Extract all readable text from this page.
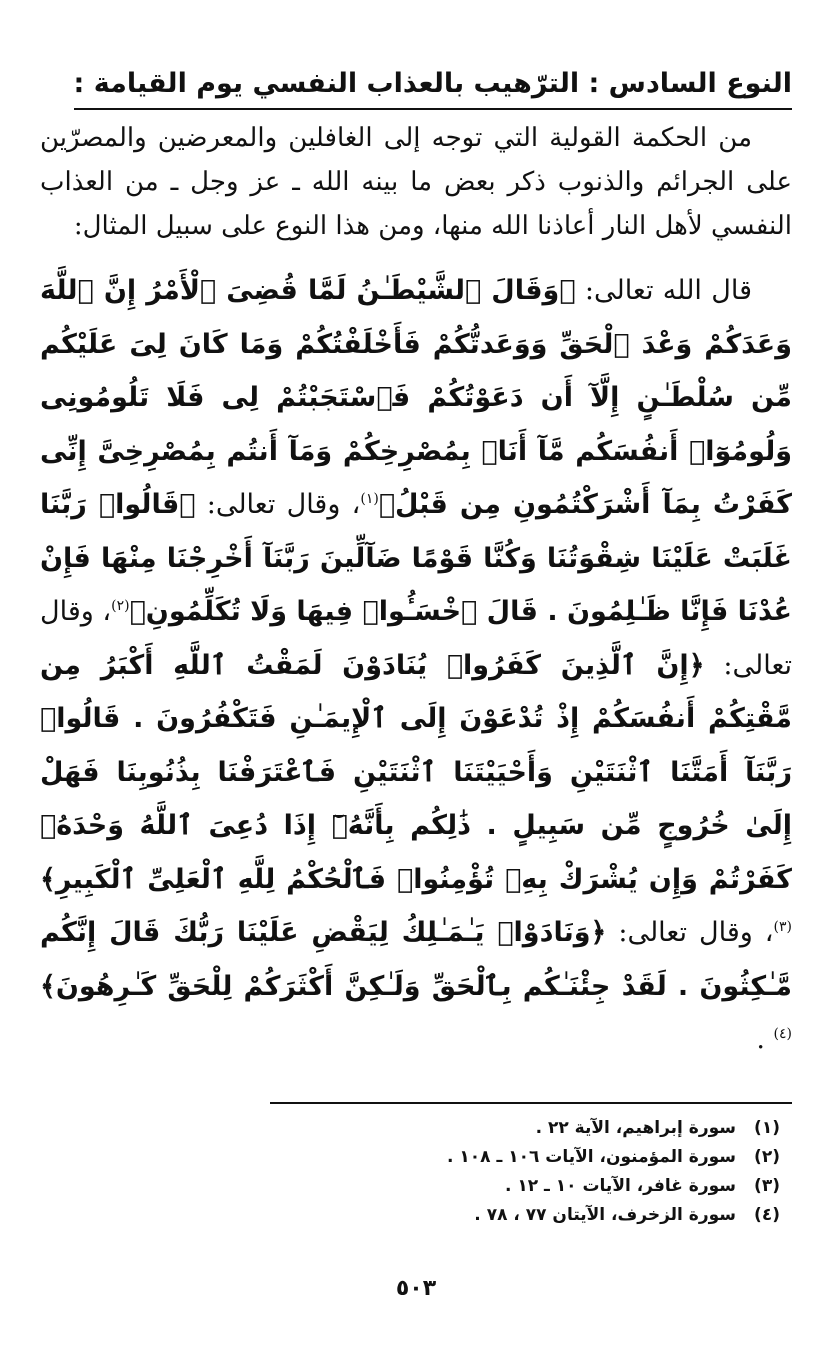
النوع السادس : الترّهيب بالعذاب النفسي يوم القيامة :

من الحكمة القولية التي توجه إلى الغافلين والمعرضين والمصرّين على الجرائم والذنوب ذكر بعض ما بينه الله ـ عز وجل ـ من العذاب النفسي لأهل النار أعاذنا الله منها، ومن هذا النوع على سبيل المثال:

قال الله تعالى: ﴿وَقَالَ ٱلشَّيْطَـٰنُ لَمَّا قُضِىَ ٱلْأَمْرُ إِنَّ ٱللَّهَ وَعَدَكُمْ وَعْدَ ٱلْحَقِّ وَوَعَدتُّكُمْ فَأَخْلَفْتُكُمْ وَمَا كَانَ لِىَ عَلَيْكُم مِّن سُلْطَـٰنٍ إِلَّآ أَن دَعَوْتُكُمْ فَٱسْتَجَبْتُمْ لِى فَلَا تَلُومُونِى وَلُومُوٓا۟ أَنفُسَكُم مَّآ أَنَا۠ بِمُصْرِخِكُمْ وَمَآ أَنتُم بِمُصْرِخِىَّ إِنِّى كَفَرْتُ بِمَآ أَشْرَكْتُمُونِ مِن قَبْلُ﴾$^{(١)}$، وقال تعالى: ﴿قَالُوا۟ رَبَّنَا غَلَبَتْ عَلَيْنَا شِقْوَتُنَا وَكُنَّا قَوْمًا ضَآلِّينَ رَبَّنَآ أَخْرِجْنَا مِنْهَا فَإِنْ عُدْنَا فَإِنَّا ظَـٰلِمُونَ . قَالَ ٱخْسَـُٔوا۟ فِيهَا وَلَا تُكَلِّمُونِ﴾$^{(٢)}$، وقال تعالى: ﴿إِنَّ ٱلَّذِينَ كَفَرُوا۟ يُنَادَوْنَ لَمَقْتُ ٱللَّهِ أَكْبَرُ مِن مَّقْتِكُمْ أَنفُسَكُمْ إِذْ تُدْعَوْنَ إِلَى ٱلْإِيمَـٰنِ فَتَكْفُرُونَ . قَالُوا۟ رَبَّنَآ أَمَتَّنَا ٱثْنَتَيْنِ وَأَحْيَيْتَنَا ٱثْنَتَيْنِ فَٱعْتَرَفْنَا بِذُنُوبِنَا فَهَلْ إِلَىٰ خُرُوجٍ مِّن سَبِيلٍ . ذَٰلِكُم بِأَنَّهُۥٓ إِذَا دُعِىَ ٱللَّهُ وَحْدَهُۥ كَفَرْتُمْ وَإِن يُشْرَكْ بِهِۦ تُؤْمِنُوا۟ فَٱلْحُكْمُ لِلَّهِ ٱلْعَلِىِّ ٱلْكَبِيرِ﴾$^{(٣)}$، وقال تعالى: ﴿وَنَادَوْا۟ يَـٰمَـٰلِكُ لِيَقْضِ عَلَيْنَا رَبُّكَ قَالَ إِنَّكُم مَّـٰكِثُونَ . لَقَدْ جِئْنَـٰكُم بِٱلْحَقِّ وَلَـٰكِنَّ أَكْثَرَكُمْ لِلْحَقِّ كَـٰرِهُونَ﴾$^{(٤)}$ .

(١)
سورة إبراهيم، الآية ٢٢ .
(٢)
سورة المؤمنون، الآيات ١٠٦ ـ ١٠٨ .
(٣)
سورة غافر، الآيات ١٠ ـ ١٢ .
(٤)
سورة الزخرف، الآيتان ٧٧ ، ٧٨ .
٥٠٣
